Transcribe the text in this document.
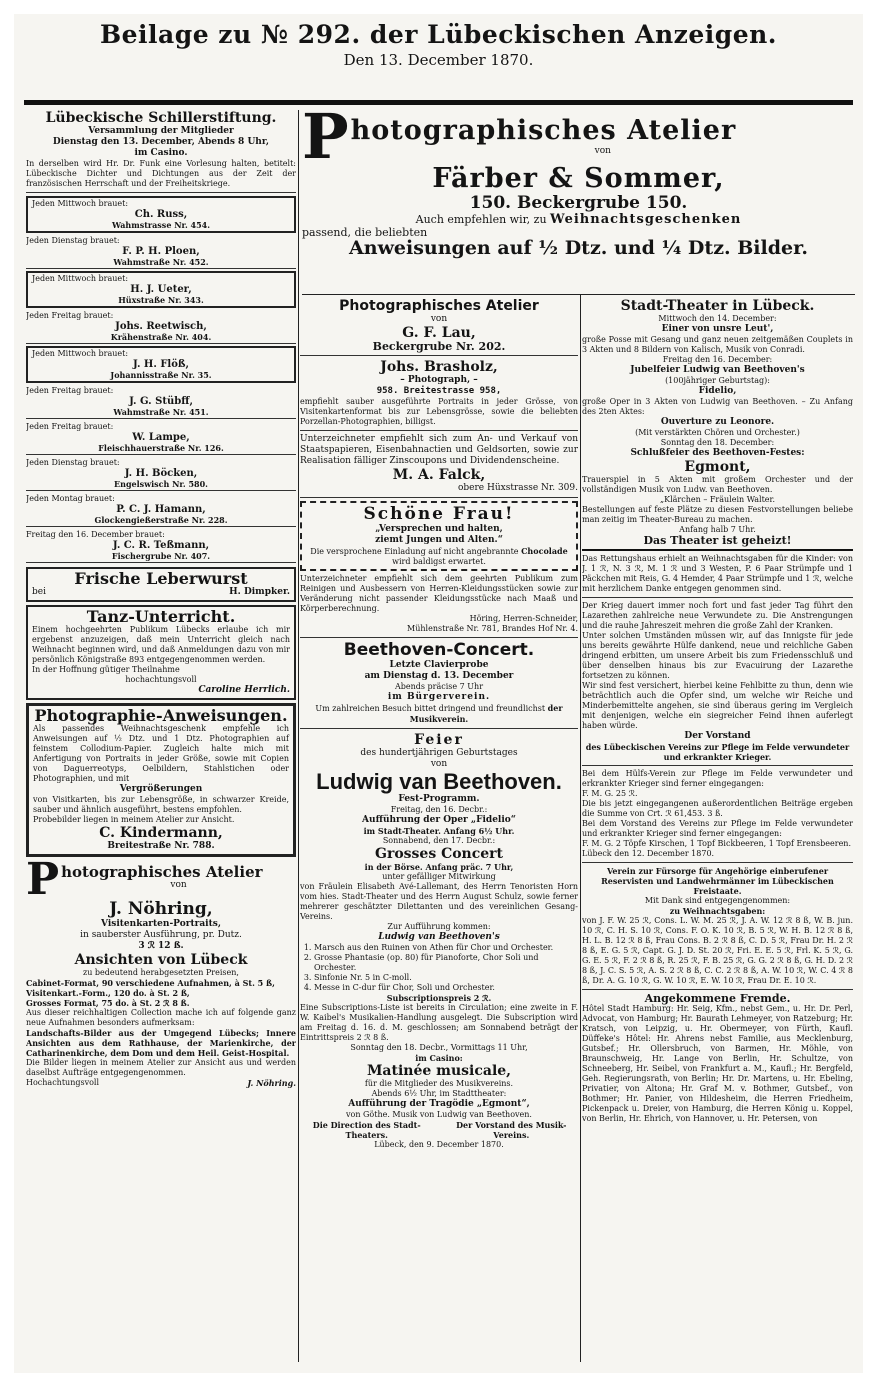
Beilage zu № 292. der Lübeckischen Anzeigen.
Den 13. December 1870.
Lübeckische Schillerstiftung.
Versammlung der Mitglieder
Dienstag den 13. December, Abends 8 Uhr,
im Casino.
In derselben wird Hr. Dr. Funk eine Vorlesung halten, betitelt: Lübeckische Dichter und Dichtungen aus der Zeit der französischen Herrschaft und der Freiheitskriege.
Jeden Mittwoch brauet:
Ch. Russ,
Wahmstrasse Nr. 454.
Jeden Dienstag brauet:
F. P. H. Ploen,
Wahmstraße Nr. 452.
Jeden Mittwoch brauet:
H. J. Ueter,
Hüxstraße Nr. 343.
Jeden Freitag brauet:
Johs. Reetwisch,
Krähenstraße Nr. 404.
Jeden Mittwoch brauet:
J. H. Flöß,
Johannisstraße Nr. 35.
Jeden Freitag brauet:
J. G. Stübff,
Wahmstraße Nr. 451.
Jeden Freitag brauet:
W. Lampe,
Fleischhauerstraße Nr. 126.
Jeden Dienstag brauet:
J. H. Böcken,
Engelswisch Nr. 580.
Jeden Montag brauet:
P. C. J. Hamann,
Glockengießerstraße Nr. 228.
Freitag den 16. December brauet:
J. C. R. Teßmann,
Fischergrube Nr. 407.
Frische Leberwurst
bei	H. Dimpker.
Tanz-Unterricht.
Einem hochgeehrten Publikum Lübecks erlaube ich mir ergebenst anzuzeigen, daß mein Unterricht gleich nach Weihnacht beginnen wird, und daß Anmeldungen dazu von mir persönlich Königstraße 893 entgegengenommen werden.
In der Hoffnung gütiger Theilnahme
hochachtungsvoll
Caroline Herrlich.
Photographie-Anweisungen.
Als passendes Weihnachtsgeschenk empfehle ich Anweisungen auf ½ Dtz. und 1 Dtz. Photographien auf feinstem Collodium-Papier. Zugleich halte mich mit Anfertigung von Portraits in jeder Größe, sowie mit Copien von Daguerreotyps, Oelbildern, Stahlstichen oder Photographien, und mit
Vergrößerungen
von Visitkarten, bis zur Lebensgröße, in schwarzer Kreide, sauber und ähnlich ausgeführt, bestens empfohlen.
Probebilder liegen in meinem Atelier zur Ansicht.
C. Kindermann,
Breitestraße Nr. 788.
P hotographisches Atelier
von
J. Nöhring,
Visitenkarten-Portraits,
in sauberster Ausführung, pr. Dutz.
3 ℛ 12 ß.
Ansichten von Lübeck
zu bedeutend herabgesetzten Preisen,
Cabinet-Format, 90 verschiedene Aufnahmen, à St. 5 ß,
Visitenkart.-Form., 120 do. à St. 2 ß,
Grosses Format, 75 do. à St. 2 ℛ 8 ß.
Aus dieser reichhaltigen Collection mache ich auf folgende ganz neue Aufnahmen besonders aufmerksam:
Landschafts-Bilder aus der Umgegend Lübecks; Innere Ansichten aus dem Rathhause, der Marienkirche, der Catharinenkirche, dem Dom und dem Heil. Geist-Hospital.
Die Bilder liegen in meinem Atelier zur Ansicht aus und werden daselbst Aufträge entgegengenommen.
Hochachtungsvoll	J. Nöhring.
P hotographisches Atelier
von
Färber & Sommer,
150. Beckergrube 150.
Auch empfehlen wir, zu Weihnachtsgeschenken
passend, die beliebten
Anweisungen auf ½ Dtz. und ¼ Dtz. Bilder.
Photographisches Atelier
von
G. F. Lau,
Beckergrube Nr. 202.
Johs. Brasholz,
– Photograph, –
958. Breitestrasse 958,
empfiehlt sauber ausgeführte Portraits in jeder Grösse, von Visitenkartenformat bis zur Lebensgrösse, sowie die beliebten Porzellan-Photographien, billigst.
Unterzeichneter empfiehlt sich zum An- und Verkauf von Staatspapieren, Eisenbahnactien und Geldsorten, sowie zur Realisation fälliger Zinscoupons und Dividendenscheine.
M. A. Falck,
obere Hüxstrasse Nr. 309.
Schöne Frau!
„Versprechen und halten,
ziemt Jungen und Alten.“
Die versprochene Einladung auf nicht angebrannte Chocolade wird baldigst erwartet.
Unterzeichneter empfiehlt sich dem geehrten Publikum zum Reinigen und Ausbessern von Herren-Kleidungsstücken sowie zur Veränderung nicht passender Kleidungsstücke nach Maaß und Körperberechnung.
Höring, Herren-Schneider,
Mühlenstraße Nr. 781, Brandes Hof Nr. 4.
Beethoven-Concert.
Letzte Clavierprobe
am Dienstag d. 13. December
Abends präcise 7 Uhr
im Bürgerverein.
Um zahlreichen Besuch bittet dringend und freundlichst der Musikverein.
Feier
des hundertjährigen Geburtstages
von
Ludwig van Beethoven.
Fest-Programm.
Freitag, den 16. Decbr.:
Aufführung der Oper „Fidelio“
im Stadt-Theater. Anfang 6½ Uhr.
Sonnabend, den 17. Decbr.:
Grosses Concert
in der Börse. Anfang präc. 7 Uhr,
unter gefälliger Mitwirkung
von Fräulein Elisabeth Avé-Lallemant, des Herrn Tenoristen Horn vom hies. Stadt-Theater und des Herrn August Schulz, sowie ferner mehrerer geschätzter Dilettanten und des vereinlichen Gesang-Vereins.
Zur Aufführung kommen:
Ludwig van Beethoven's
1. Marsch aus den Ruinen von Athen für Chor und Orchester.
2. Grosse Phantasie (op. 80) für Pianoforte, Chor Soli und Orchester.
3. Sinfonie Nr. 5 in C-moll.
4. Messe in C-dur für Chor, Soli und Orchester.
Subscriptionspreis 2 ℛ.
Eine Subscriptions-Liste ist bereits in Circulation; eine zweite in F. W. Kaibel's Musikalien-Handlung ausgelegt. Die Subscription wird am Freitag d. 16. d. M. geschlossen; am Sonnabend beträgt der Eintrittspreis 2 ℛ 8 ß.
Sonntag den 18. Decbr., Vormittags 11 Uhr,
im Casino:
Matinée musicale,
für die Mitglieder des Musikvereins.
Abends 6½ Uhr, im Stadttheater:
Aufführung der Tragödie „Egmont“,
von Göthe. Musik von Ludwig van Beethoven.
Die Direction des Stadt-Theaters.
Der Vorstand des Musik-Vereins.
Lübeck, den 9. December 1870.
Stadt-Theater in Lübeck.
Mittwoch den 14. December:
Einer von unsre Leut',
große Posse mit Gesang und ganz neuen zeitgemäßen Couplets in 3 Akten und 8 Bildern von Kalisch, Musik von Conradi.
Freitag den 16. December:
Jubelfeier Ludwig van Beethoven's
(100jähriger Geburtstag):
Fidelio,
große Oper in 3 Akten von Ludwig van Beethoven. – Zu Anfang des 2ten Aktes:
Ouverture zu Leonore.
(Mit verstärkten Chören und Orchester.)
Sonntag den 18. December:
Schlußfeier des Beethoven-Festes:
Egmont,
Trauerspiel in 5 Akten mit großem Orchester und der vollständigen Musik von Ludw. van Beethoven.
„Klärchen – Fräulein Walter.
Bestellungen auf feste Plätze zu diesen Festvorstellungen beliebe man zeitig im Theater-Bureau zu machen.
Anfang halb 7 Uhr.
Das Theater ist geheizt!
Das Rettungshaus erhielt an Weihnachtsgaben für die Kinder: von J. 1 ℛ, N. 3 ℛ, M. 1 ℛ und 3 Westen, P. 6 Paar Strümpfe und 1 Päckchen mit Reis, G. 4 Hemder, 4 Paar Strümpfe und 1 ℛ, welche mit herzlichem Danke entgegen genommen sind.
Der Krieg dauert immer noch fort und fast jeder Tag führt den Lazarethen zahlreiche neue Verwundete zu. Die Anstrengungen und die rauhe Jahreszeit mehren die große Zahl der Kranken.
Unter solchen Umständen müssen wir, auf das Innigste für jede uns bereits gewährte Hülfe dankend, neue und reichliche Gaben dringend erbitten, um unsere Arbeit bis zum Friedensschluß und über denselben hinaus bis zur Evacuirung der Lazarethe fortsetzen zu können.
Wir sind fest versichert, hierbei keine Fehlbitte zu thun, denn wie beträchtlich auch die Opfer sind, um welche wir Reiche und Minderbemittelte angehen, sie sind überaus gering im Vergleich mit denjenigen, welche ein siegreicher Feind ihnen auferlegt haben würde.
Der Vorstand
des Lübeckischen Vereins zur Pflege im Felde verwundeter und erkrankter Krieger.
Bei dem Hülfs-Verein zur Pflege im Felde verwundeter und erkrankter Krieger sind ferner eingegangen:
F. M. G. 25 ℛ.
Die bis jetzt eingegangenen außerordentlichen Beiträge ergeben die Summe von Crt. ℛ 61,453. 3 ß.
Bei dem Vorstand des Vereins zur Pflege im Felde verwundeter und erkrankter Krieger sind ferner eingegangen:
F. M. G. 2 Töpfe Kirschen, 1 Topf Bickbeeren, 1 Topf Erensbeeren.
Lübeck den 12. December 1870.
Verein zur Fürsorge für Angehörige einberufener Reservisten und Landwehrmänner im Lübeckischen Freistaate.
Mit Dank sind entgegengenommen:
zu Weihnachtsgaben:
von J. F. W. 25 ℛ, Cons. L. W. M. 25 ℛ, J. A. W. 12 ℛ 8 ß, W. B. jun. 10 ℛ, C. H. S. 10 ℛ, Cons. F. O. K. 10 ℛ, B. 5 ℛ, W. H. B. 12 ℛ 8 ß, H. L. B. 12 ℛ 8 ß, Frau Cons. B. 2 ℛ 8 ß, C. D. 5 ℛ, Frau Dr. H. 2 ℛ 8 ß, E. G. 5 ℛ, Capt. G. J. D. St. 20 ℛ, Fri. E. E. 5 ℛ, Frl. K. 5 ℛ, G. G. E. 5 ℛ, F. 2 ℛ 8 ß, R. 25 ℛ, F. B. 25 ℛ, G. G. 2 ℛ 8 ß, G. H. D. 2 ℛ 8 ß, J. C. S. 5 ℛ, A. S. 2 ℛ 8 ß, C. C. 2 ℛ 8 ß, A. W. 10 ℛ, W. C. 4 ℛ 8 ß, Dr. A. G. 10 ℛ, G. W. 10 ℛ, E. W. 10 ℛ, Frau Dr. E. 10 ℛ.
Angekommene Fremde.
Hôtel Stadt Hamburg: Hr. Seig, Kfm., nebst Gem., u. Hr. Dr. Perl, Advocat, von Hamburg; Hr. Baurath Lehmeyer, von Ratzeburg; Hr. Kratsch, von Leipzig, u. Hr. Obermeyer, von Fürth, Kaufl. Düffeke's Hôtel: Hr. Ahrens nebst Familie, aus Mecklenburg, Gutsbef.; Hr. Ollersbruch, von Barmen, Hr. Möhle, von Braunschweig, Hr. Lange von Berlin, Hr. Schultze, von Schneeberg, Hr. Seibel, von Frankfurt a. M., Kaufl.; Hr. Bergfeld, Geh. Regierungsrath, von Berlin; Hr. Dr. Martens, u. Hr. Ebeling, Privatier, von Altona; Hr. Graf M. v. Bothmer, Gutsbef., von Bothmer; Hr. Panier, von Hildesheim, die Herren Friedheim, Pickenpack u. Dreier, von Hamburg, die Herren König u. Koppel, von Berlin, Hr. Ehrich, von Hannover, u. Hr. Petersen, von
